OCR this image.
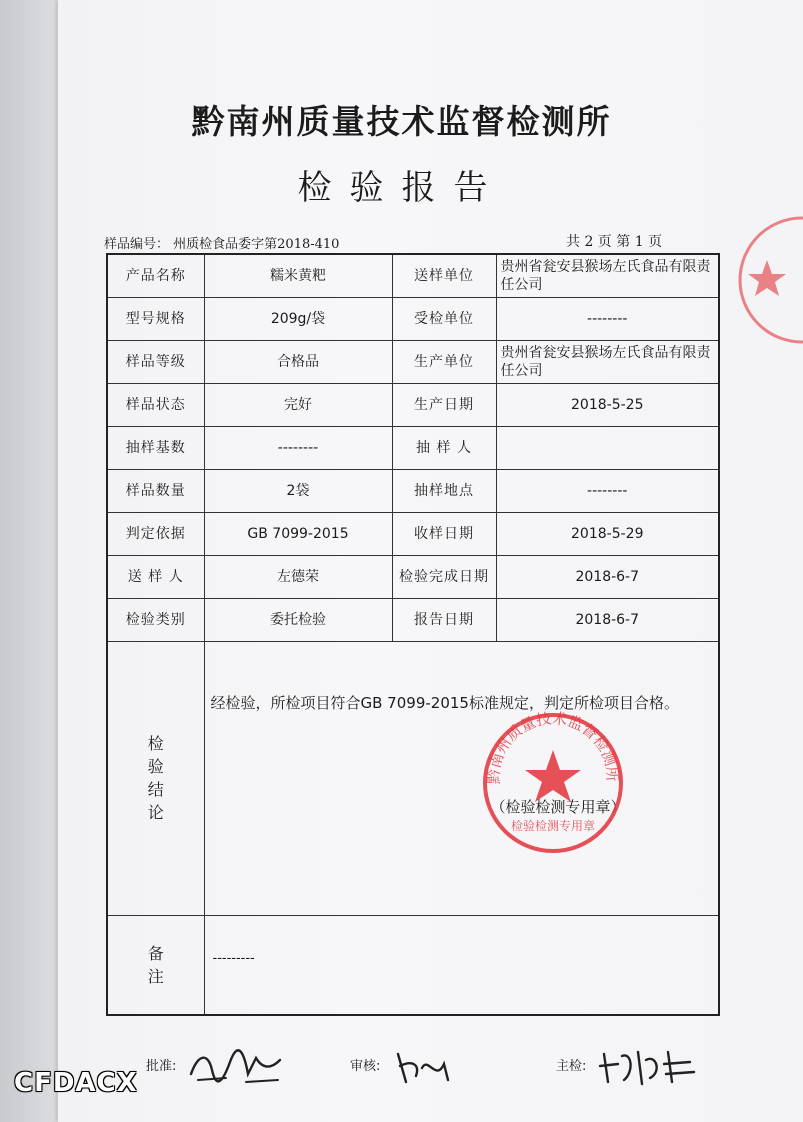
黔南州质量技术监督检测所
检验报告
样品编号： 州质检食品委字第2018-410	共 2 页 第 1 页
产品名称	糯米黄粑	送样单位	贵州省瓮安县猴场左氏食品有限责任公司
型号规格	209g/袋	受检单位	--------
样品等级	合格品	生产单位	贵州省瓮安县猴场左氏食品有限责任公司
样品状态	完好	生产日期	2018-5-25
抽样基数	--------	抽 样 人	
样品数量	2袋	抽样地点	--------
判定依据	GB 7099-2015	收样日期	2018-5-29
送 样 人	左德荣	检验完成日期	2018-6-7
检验类别	委托检验	报告日期	2018-6-7

检验结论	经检验，所检项目符合GB 7099-2015标准规定，判定所检项目合格。
（检验检测专用章）		

备注	---------		
黔南州质量技术监督检测所
检验检测专用章
批准:	审核:	主检:
CFDACX
